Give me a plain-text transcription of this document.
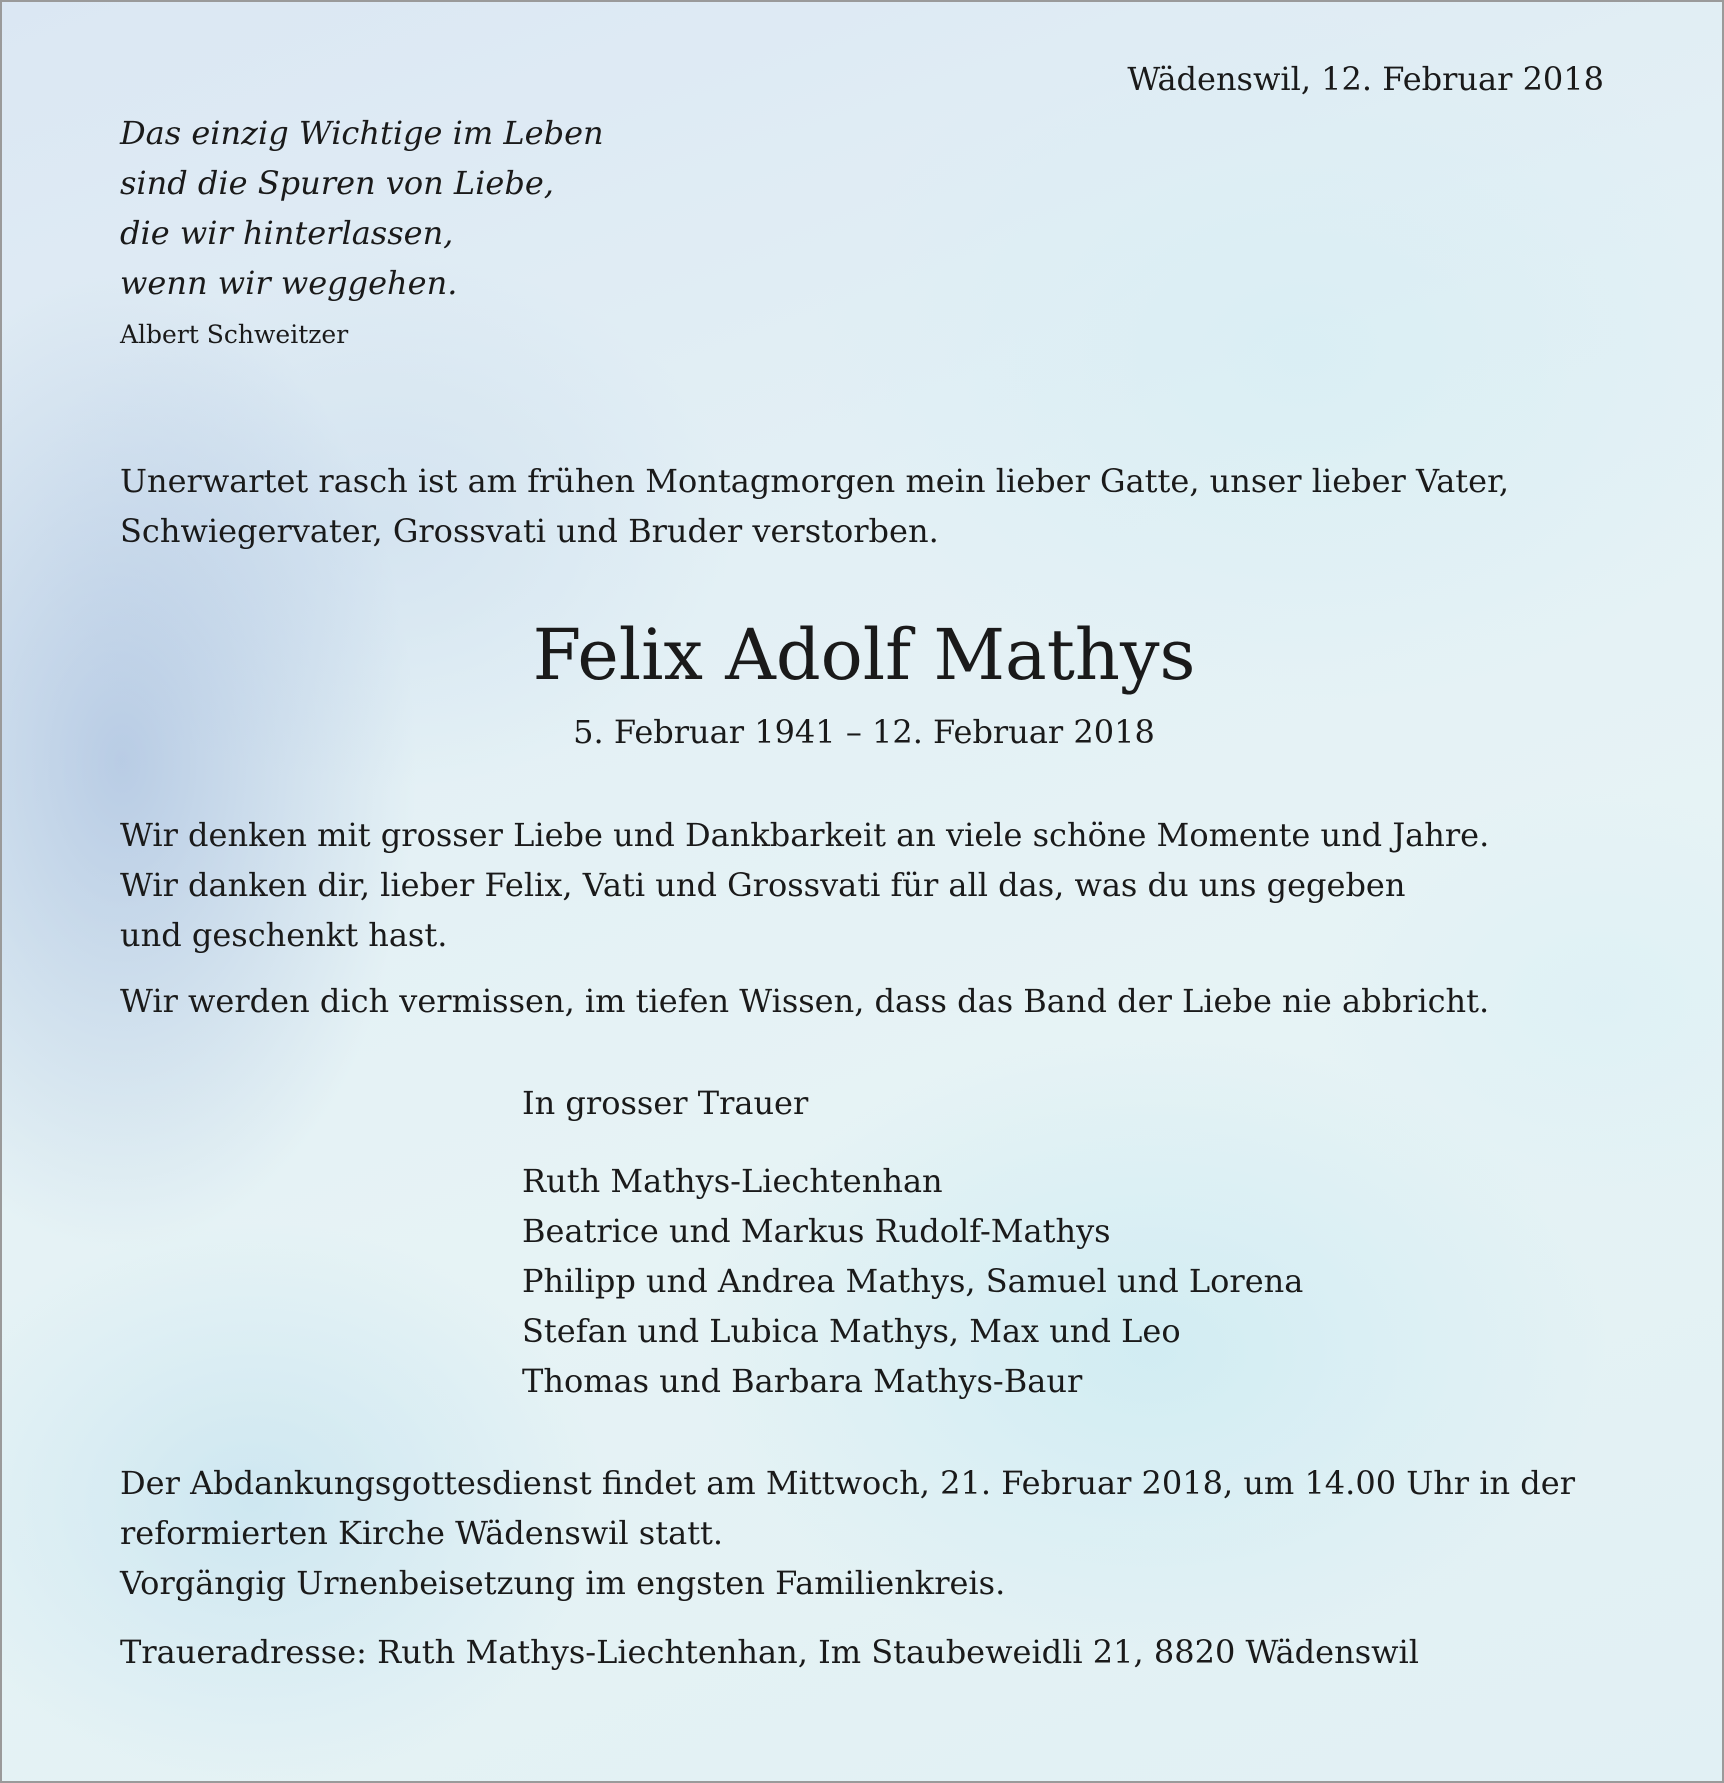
Wädenswil, 12. Februar 2018
Das einzig Wichtige im Leben
sind die Spuren von Liebe,
die wir hinterlassen,
wenn wir weggehen.
Albert Schweitzer
Unerwartet rasch ist am frühen Montagmorgen mein lieber Gatte, unser lieber Vater,
Schwiegervater, Grossvati und Bruder verstorben.
Felix Adolf Mathys
5. Februar 1941 – 12. Februar 2018
Wir denken mit grosser Liebe und Dankbarkeit an viele schöne Momente und Jahre.
Wir danken dir, lieber Felix, Vati und Grossvati für all das, was du uns gegeben
und geschenkt hast.
Wir werden dich vermissen, im tiefen Wissen, dass das Band der Liebe nie abbricht.
In grosser Trauer
Ruth Mathys-Liechtenhan
Beatrice und Markus Rudolf-Mathys
Philipp und Andrea Mathys, Samuel und Lorena
Stefan und Lubica Mathys, Max und Leo
Thomas und Barbara Mathys-Baur
Der Abdankungsgottesdienst findet am Mittwoch, 21. Februar 2018, um 14.00 Uhr in der
reformierten Kirche Wädenswil statt.
Vorgängig Urnenbeisetzung im engsten Familienkreis.
Traueradresse: Ruth Mathys-Liechtenhan, Im Staubeweidli 21, 8820 Wädenswil
